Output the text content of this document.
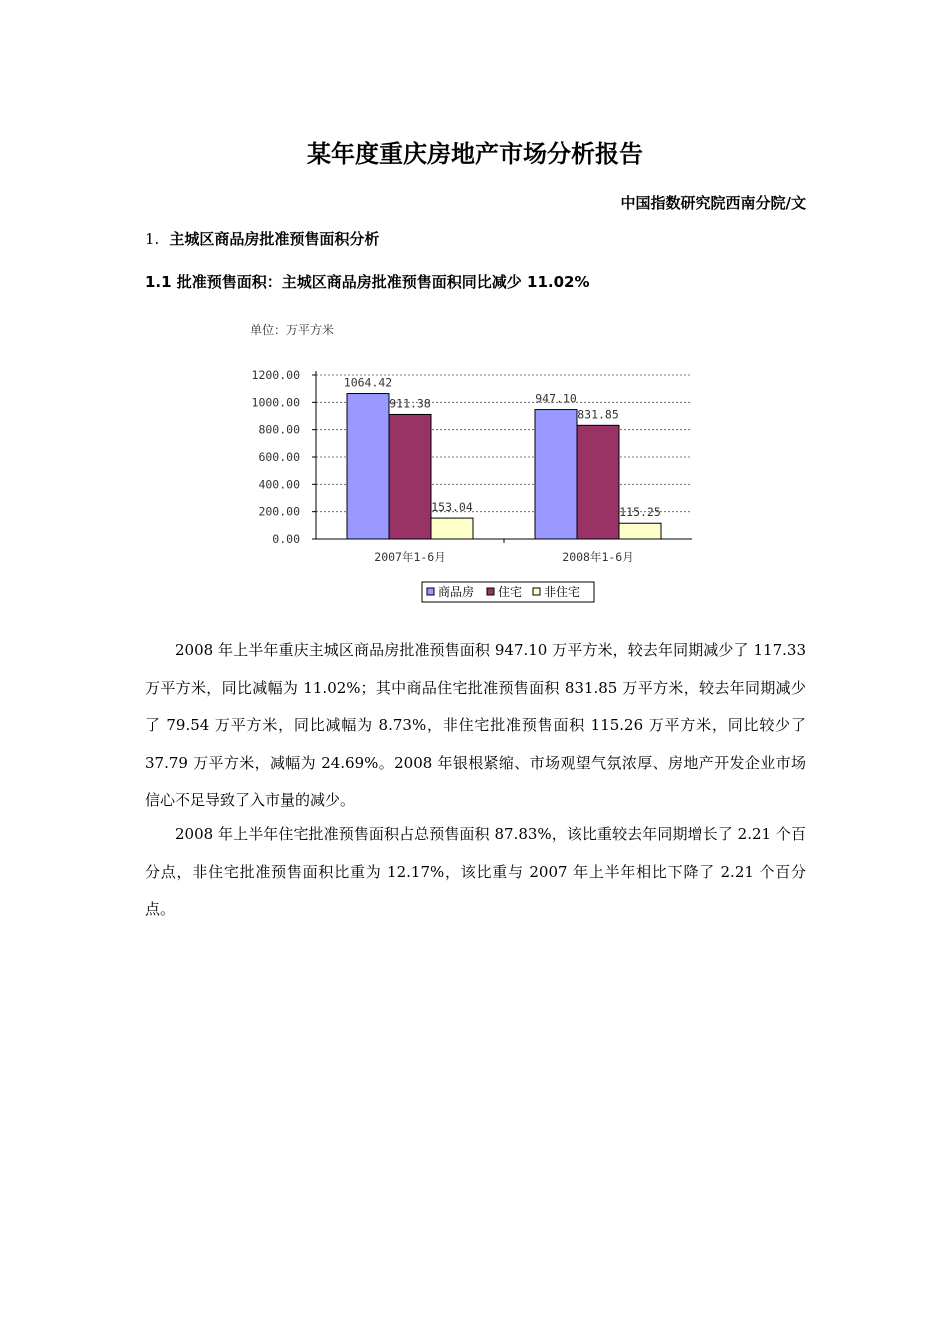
某年度重庆房地产市场分析报告
中国指数研究院西南分院/文
1. 主城区商品房批准预售面积分析
1.1 批准预售面积：主城区商品房批准预售面积同比减少 11.02%
单位：万平方米
0.00
200.00
400.00
600.00
800.00
1000.00
1200.00
1064.42
911.38
153.04
2007年1-6月
947.10
831.85
115.25
2008年1-6月
商品房 住宅 非住宅

2008 年上半年重庆主城区商品房批准预售面积 947.10 万平方米，较去年同期减少了 117.33 万平方米，同比减幅为 11.02%；其中商品住宅批准预售面积 831.85 万平方米，较去年同期减少了 79.54 万平方米，同比减幅为 8.73%，非住宅批准预售面积 115.26 万平方米，同比较少了 37.79 万平方米，减幅为 24.69%。2008 年银根紧缩、市场观望气氛浓厚、房地产开发企业市场信心不足导致了入市量的减少。

2008 年上半年住宅批准预售面积占总预售面积 87.83%，该比重较去年同期增长了 2.21 个百分点，非住宅批准预售面积比重为 12.17%，该比重与 2007 年上半年相比下降了 2.21 个百分点。
